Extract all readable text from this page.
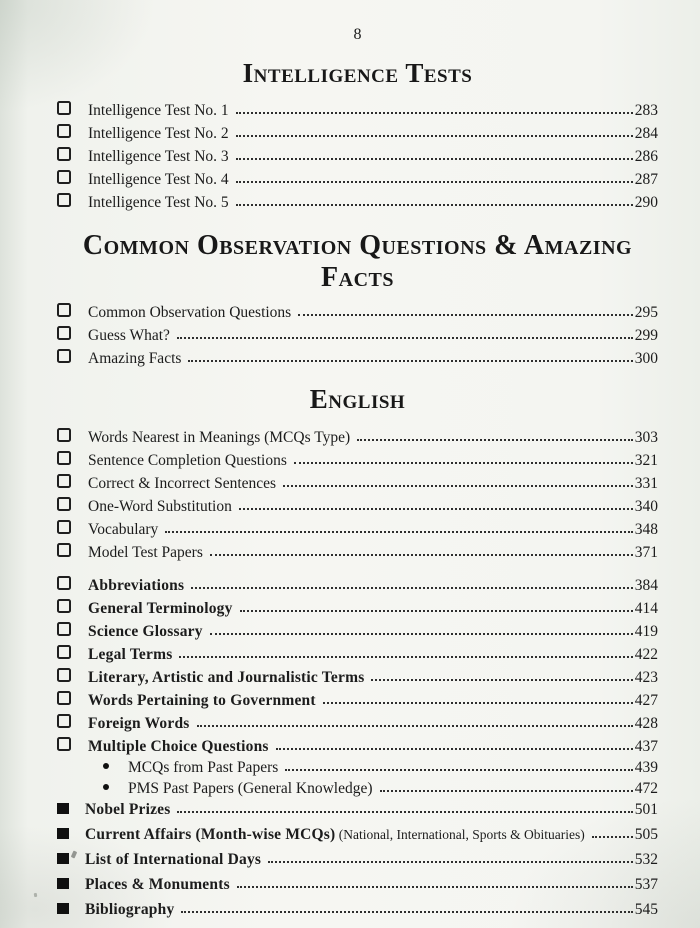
8
Intelligence Tests
Intelligence Test No. 1	283
Intelligence Test No. 2	284
Intelligence Test No. 3	286
Intelligence Test No. 4	287
Intelligence Test No. 5	290
Common Observation Questions & Amazing Facts
Common Observation Questions	295
Guess What?	299
Amazing Facts	300
English
Words Nearest in Meanings (MCQs Type)	303
Sentence Completion Questions	321
Correct & Incorrect Sentences	331
One-Word Substitution	340
Vocabulary	348
Model Test Papers	371
Abbreviations	384
General Terminology	414
Science Glossary	419
Legal Terms	422
Literary, Artistic and Journalistic Terms	423
Words Pertaining to Government	427
Foreign Words	428
Multiple Choice Questions	437
MCQs from Past Papers	439
PMS Past Papers (General Knowledge)	472
Nobel Prizes	501
Current Affairs (Month-wise MCQs) (National, International, Sports & Obituaries)	505
List of International Days	532
Places & Monuments	537
Bibliography	545
